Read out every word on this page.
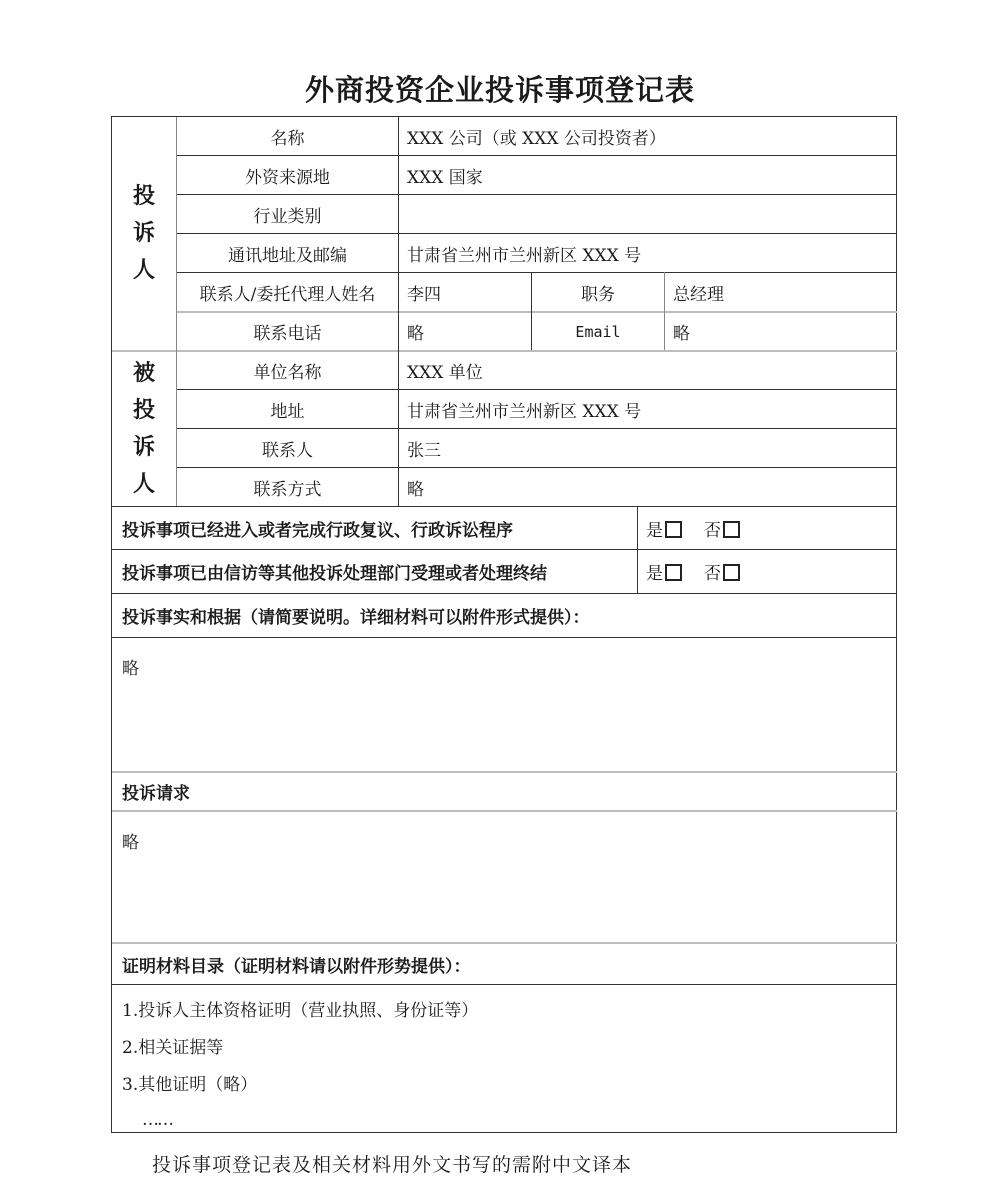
外商投资企业投诉事项登记表
投
诉
人
名称	XXX 公司（或 XXX 公司投资者）
外资来源地	XXX 国家
行业类别
通讯地址及邮编	甘肃省兰州市兰州新区 XXX 号
联系人/委托代理人姓名	李四	职务	总经理
联系电话	略	Email	略
被
投
诉
人
单位名称	XXX 单位
地址	甘肃省兰州市兰州新区 XXX 号
联系人	张三
联系方式	略
投诉事项已经进入或者完成行政复议、行政诉讼程序	是	否
投诉事项已由信访等其他投诉处理部门受理或者处理终结	是	否
投诉事实和根据（请简要说明。详细材料可以附件形式提供）：
略
投诉请求
略
证明材料目录（证明材料请以附件形势提供）：
1.投诉人主体资格证明（营业执照、身份证等）
2.相关证据等
3.其他证明（略）
……
投诉事项登记表及相关材料用外文书写的需附中文译本
